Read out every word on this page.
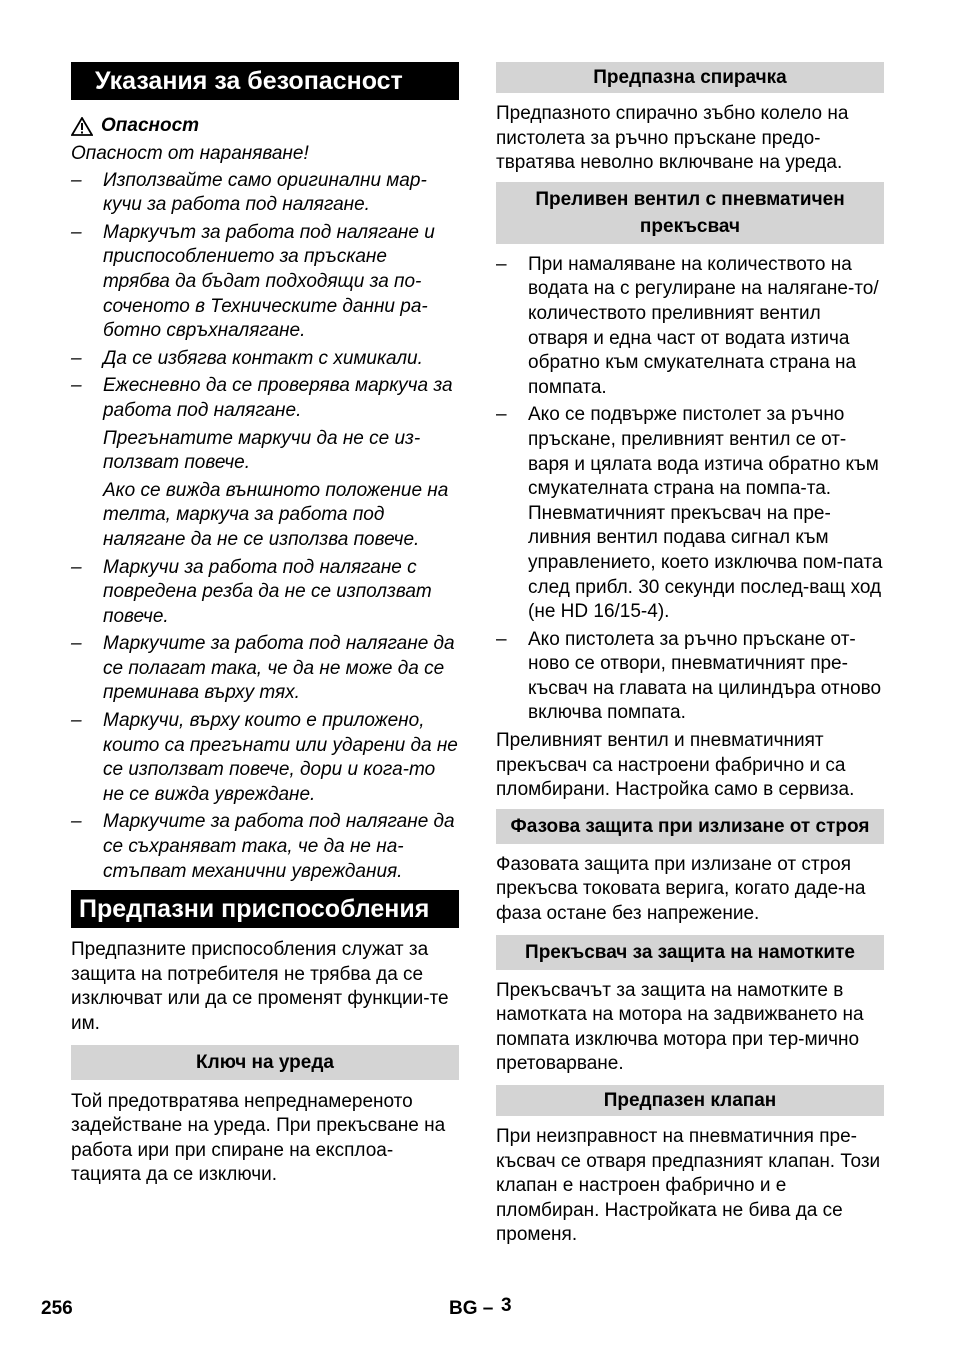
Указания за безопасност
Опасност

Опасност от нараняване!

– Използвайте само оригинални мар-кучи за работа под налягане.

– Маркучът за работа под налягане и приспособлението за пръскане трябва да бъдат подходящи за по-соченото в Техническите данни ра-ботно свръхналягане.

– Да се избягва контакт с химикали.

– Ежесневно да се проверява маркуча за работа под налягане.

Прегънатите маркучи да не се из-ползват повече.

Ако се вижда външното положение на телта, маркуча за работа под налягане да не се използва повече.

– Маркучи за работа под налягане с повредена резба да не се използват повече.

– Маркучите за работа под налягане да се полагат така, че да не може да се преминава върху тях.

– Маркучи, върху които е приложено, които са прегънати или ударени да не се използват повече, дори и кога-то не се вижда увреждане.

– Маркучите за работа под налягане да се съхраняват така, че да не на-стъпват механични увреждания.

Предпазни приспособления

Предпазните приспособления служат за защита на потребителя не трябва да се изключват или да се променят функции-те им.

Ключ на уреда

Той предотвратява непреднамереното задействане на уреда. При прекъсване на работа ири при спиране на експлоа-тацията да се изключи.

Предпазна спирачка

Предпазното спирачно зъбно колело на пистолета за ръчно пръскане предо-твратява неволно включване на уреда.

Преливен вентил с пневматичен прекъсвач
– При намаляване на количеството на водата на с регулиране на налягане-то/количеството преливният вентил отваря и една част от водата изтича обратно към смукателната страна на помпата.

– Ако се подвърже пистолет за ръчно пръскане, преливният вентил се от-варя и цялата вода изтича обратно към смукателната страна на помпа-та. Пневматичният прекъсвач на пре-ливния вентил подава сигнал към управлението, което изключва пом-пата след прибл. 30 секунди послед-ващ ход (не HD 16/15-4).

– Ако пистолета за ръчно пръскане от-ново се отвори, пневматичният пре-късвач на главата на цилиндъра отново включва помпата.

Преливният вентил и пневматичният прекъсвач са настроени фабрично и са пломбирани. Настройка само в сервиза.

Фазова защита при излизане от строя

Фазовата защита при излизане от строя прекъсва токовата верига, когато даде-на фаза остане без напрежение.

Прекъсвач за защита на намотките

Прекъсвачът за защита на намотките в намотката на мотора на задвижването на помпата изключва мотора при тер-мично претоварване.

Предпазен клапан

При неизправност на пневматичния пре-късвач се отваря предпазният клапан. Този клапан е настроен фабрично и е пломбиран. Настройката не бива да се променя.

256	BG – 3
